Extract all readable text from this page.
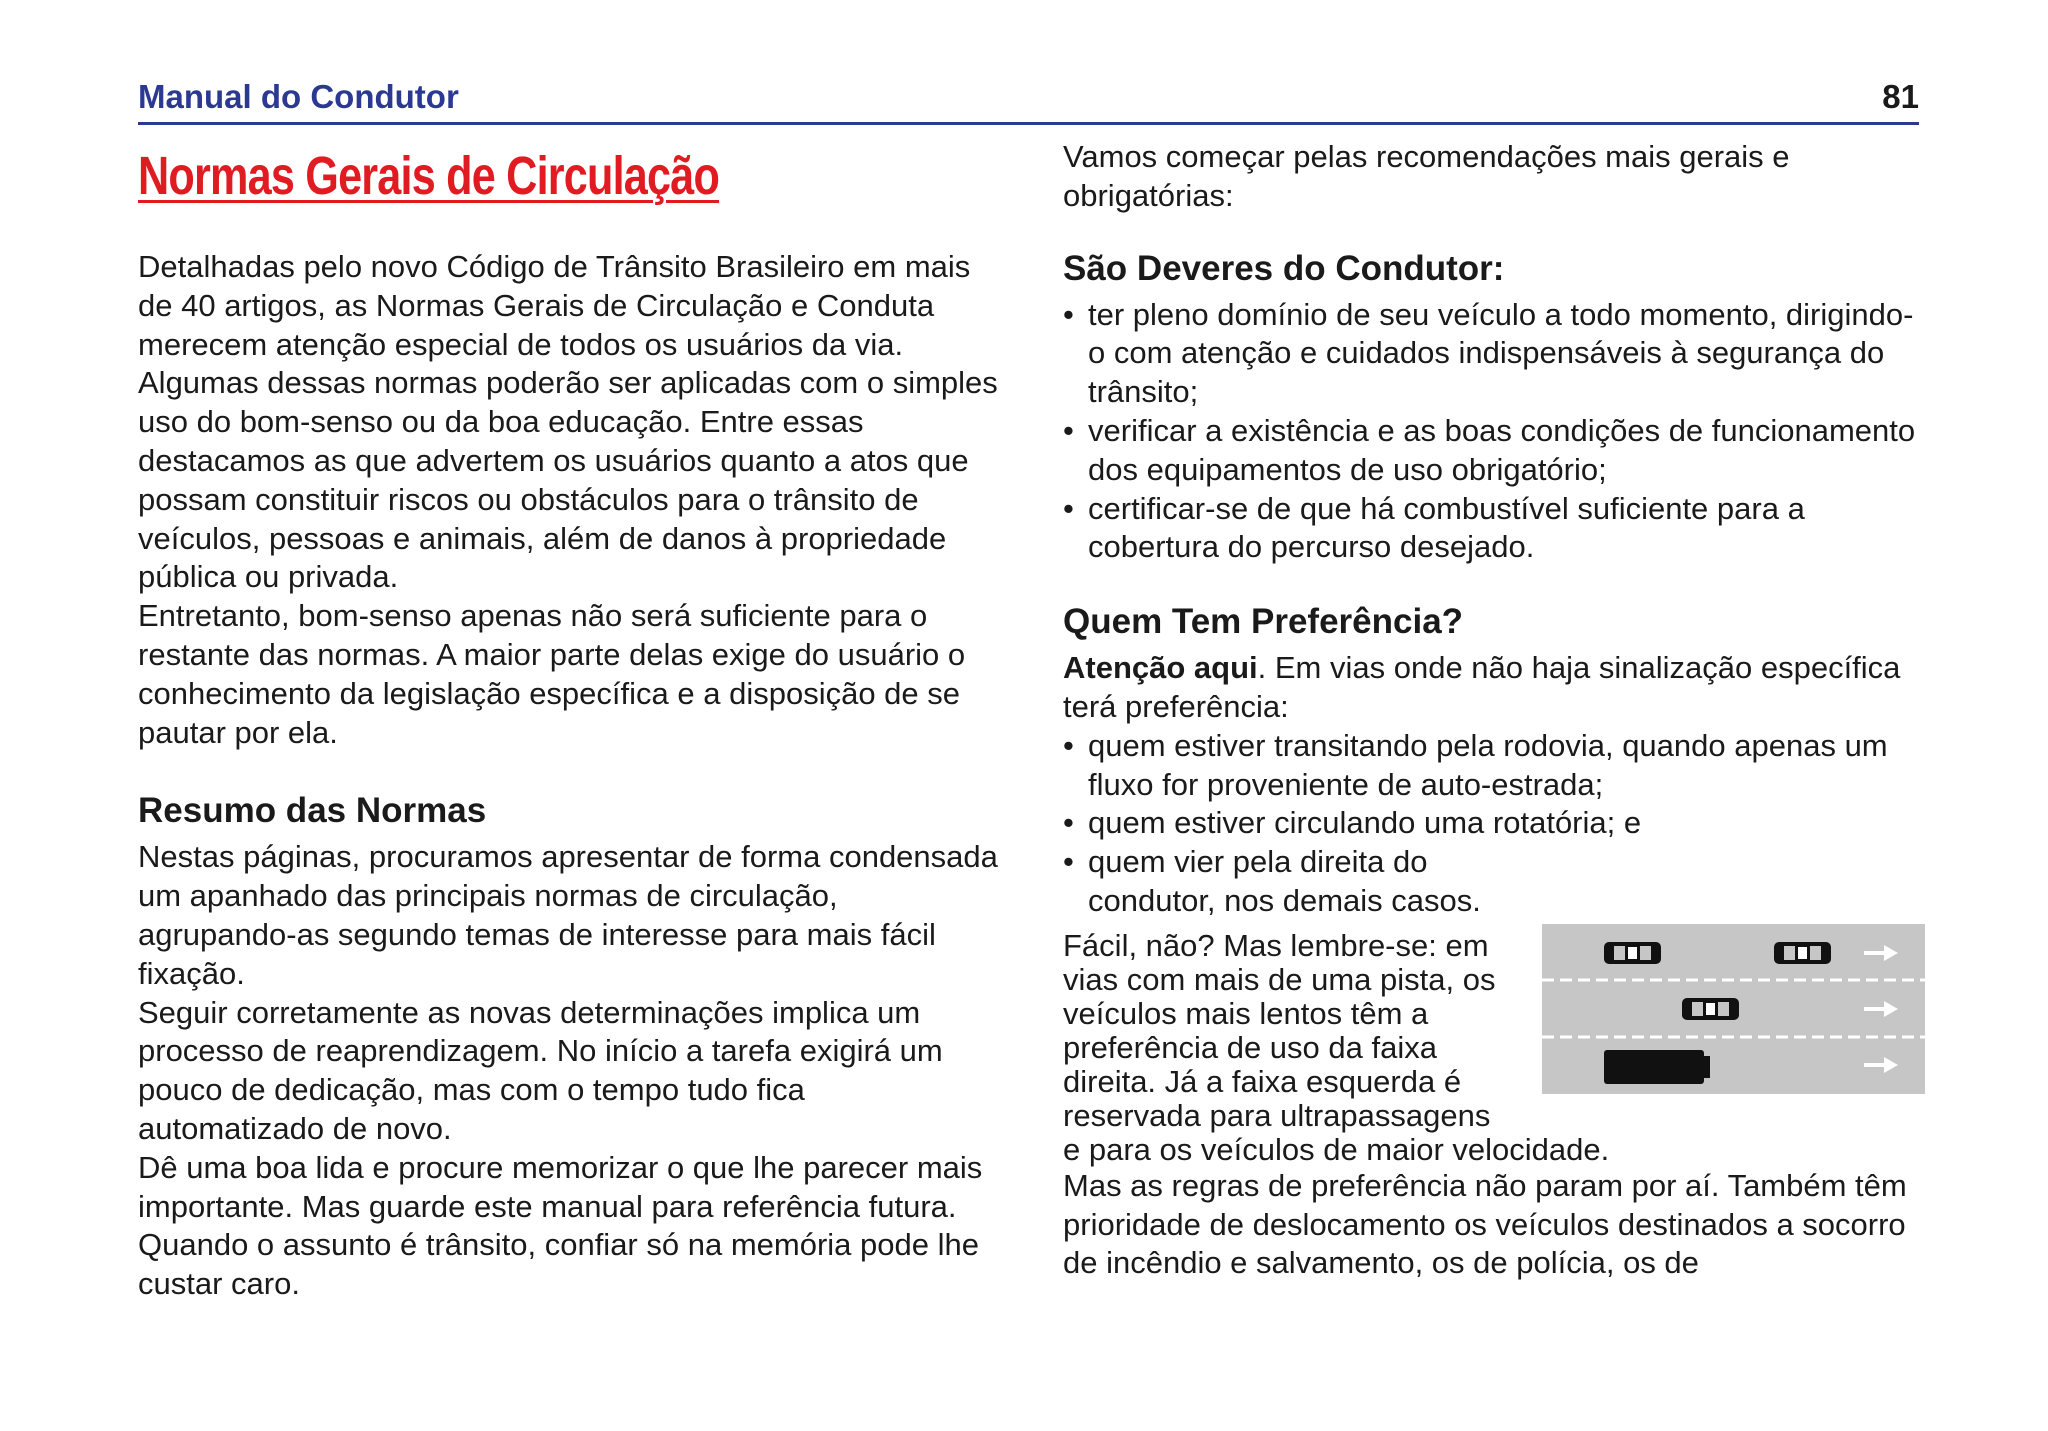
Manual do Condutor	81
Normas Gerais de Circulação

Detalhadas pelo novo Código de Trânsito Brasileiro em mais de 40 artigos, as Normas Gerais de Circulação e Conduta merecem atenção especial de todos os usuários da via.

Algumas dessas normas poderão ser aplicadas com o simples uso do bom-senso ou da boa educação. Entre essas destacamos as que advertem os usuários quanto a atos que possam constituir riscos ou obstáculos para o trânsito de veículos, pessoas e animais, além de danos à propriedade pública ou privada.

Entretanto, bom-senso apenas não será suficiente para o restante das normas. A maior parte delas exige do usuário o conhecimento da legislação específica e a disposição de se pautar por ela.

Resumo das Normas

Nestas páginas, procuramos apresentar de forma condensada um apanhado das principais normas de circulação, agrupando-as segundo temas de interesse para mais fácil fixação.

Seguir corretamente as novas determinações implica um processo de reaprendizagem. No início a tarefa exigirá um pouco de dedicação, mas com o tempo tudo fica automatizado de novo.

Dê uma boa lida e procure memorizar o que lhe parecer mais importante. Mas guarde este manual para referência futura. Quando o assunto é trânsito, confiar só na memória pode lhe custar caro.

Vamos começar pelas recomendações mais gerais e obrigatórias:

São Deveres do Condutor:
• ter pleno domínio de seu veículo a todo momento, dirigindo-o com atenção e cuidados indispensáveis à segurança do trânsito;
• verificar a existência e as boas condições de funcionamento dos equipamentos de uso obrigatório;
• certificar-se de que há combustível suficiente para a cobertura do percurso desejado.
Quem Tem Preferência?

Atenção aqui. Em vias onde não haja sinalização específica terá preferência:

• quem estiver transitando pela rodovia, quando apenas um fluxo for proveniente de auto-estrada;
• quem estiver circulando uma rotatória; e
• quem vier pela direita do condutor, nos demais casos.

Fácil, não? Mas lembre-se: em vias com mais de uma pista, os veículos mais lentos têm a preferência de uso da faixa direita. Já a faixa esquerda é reservada para ultrapassagens e para os veículos de maior velocidade.

Mas as regras de preferência não param por aí. Também têm prioridade de deslocamento os veículos destinados a socorro de incêndio e salvamento, os de polícia, os de
